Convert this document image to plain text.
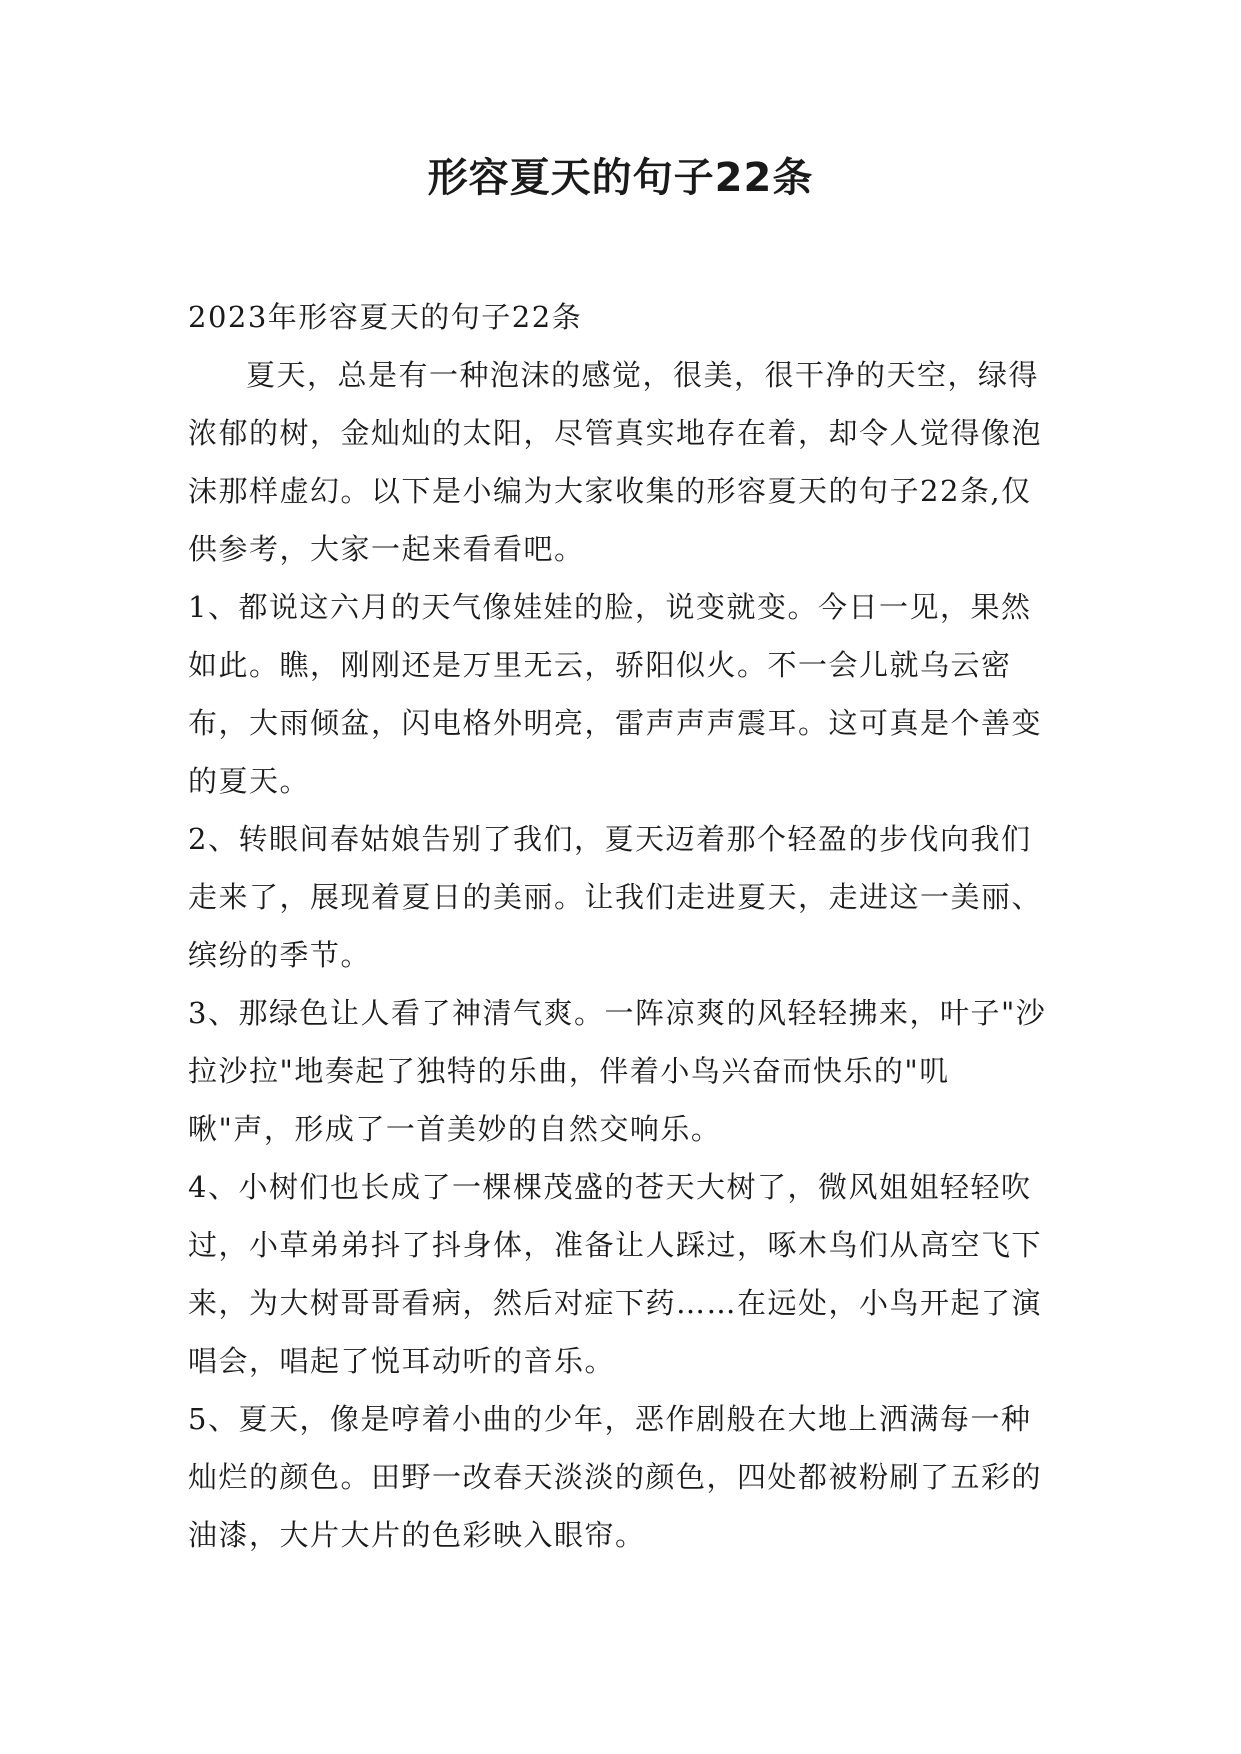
形容夏天的句子22条

2023年形容夏天的句子22条

夏天，总是有一种泡沫的感觉，很美，很干净的天空，绿得浓郁的树，金灿灿的太阳，尽管真实地存在着，却令人觉得像泡沫那样虚幻。以下是小编为大家收集的形容夏天的句子22条,仅供参考，大家一起来看看吧。

1、都说这六月的天气像娃娃的脸，说变就变。今日一见，果然如此。瞧，刚刚还是万里无云，骄阳似火。不一会儿就乌云密布，大雨倾盆，闪电格外明亮，雷声声声震耳。这可真是个善变的夏天。

2、转眼间春姑娘告别了我们，夏天迈着那个轻盈的步伐向我们走来了，展现着夏日的美丽。让我们走进夏天，走进这一美丽、缤纷的季节。

3、那绿色让人看了神清气爽。一阵凉爽的风轻轻拂来，叶子"沙拉沙拉"地奏起了独特的乐曲，伴着小鸟兴奋而快乐的"叽啾"声，形成了一首美妙的自然交响乐。

4、小树们也长成了一棵棵茂盛的苍天大树了，微风姐姐轻轻吹过，小草弟弟抖了抖身体，准备让人踩过，啄木鸟们从高空飞下来，为大树哥哥看病，然后对症下药……在远处，小鸟开起了演唱会，唱起了悦耳动听的音乐。

5、夏天，像是哼着小曲的少年，恶作剧般在大地上洒满每一种灿烂的颜色。田野一改春天淡淡的颜色，四处都被粉刷了五彩的油漆，大片大片的色彩映入眼帘。
